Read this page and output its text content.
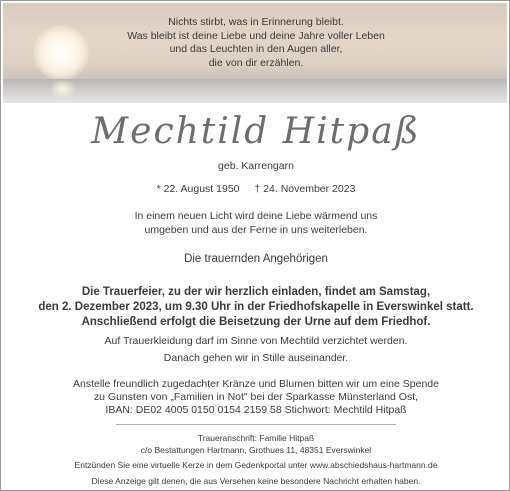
Nichts stirbt, was in Erinnerung bleibt.
Was bleibt ist deine Liebe und deine Jahre voller Leben
und das Leuchten in den Augen aller,
die von dir erzählen.
Mechtild Hitpaß
geb. Karrengarn
* 22. August 1950 † 24. November 2023
In einem neuen Licht wird deine Liebe wärmend uns
umgeben und aus der Ferne in uns weiterleben.
Die trauernden Angehörigen
Die Trauerfeier, zu der wir herzlich einladen, findet am Samstag,
den 2. Dezember 2023, um 9.30 Uhr in der Friedhofskapelle in Everswinkel statt.
Anschließend erfolgt die Beisetzung der Urne auf dem Friedhof.
Auf Trauerkleidung darf im Sinne von Mechtild verzichtet werden.
Danach gehen wir in Stille auseinander.
Anstelle freundlich zugedachter Kränze und Blumen bitten wir um eine Spende
zu Gunsten von „Familien in Not" bei der Sparkasse Münsterland Ost,
IBAN: DE02 4005 0150 0154 2159 58 Stichwort: Mechtild Hitpaß
Traueranschrift: Familie Hitpaß
c/o Bestattungen Hartmann, Grothues 11, 48351 Everswinkel
Entzünden Sie eine virtuelle Kerze in dem Gedenkportal unter www.abschiedshaus-hartmann.de
Diese Anzeige gilt denen, die aus Versehen keine besondere Nachricht erhalten haben.
